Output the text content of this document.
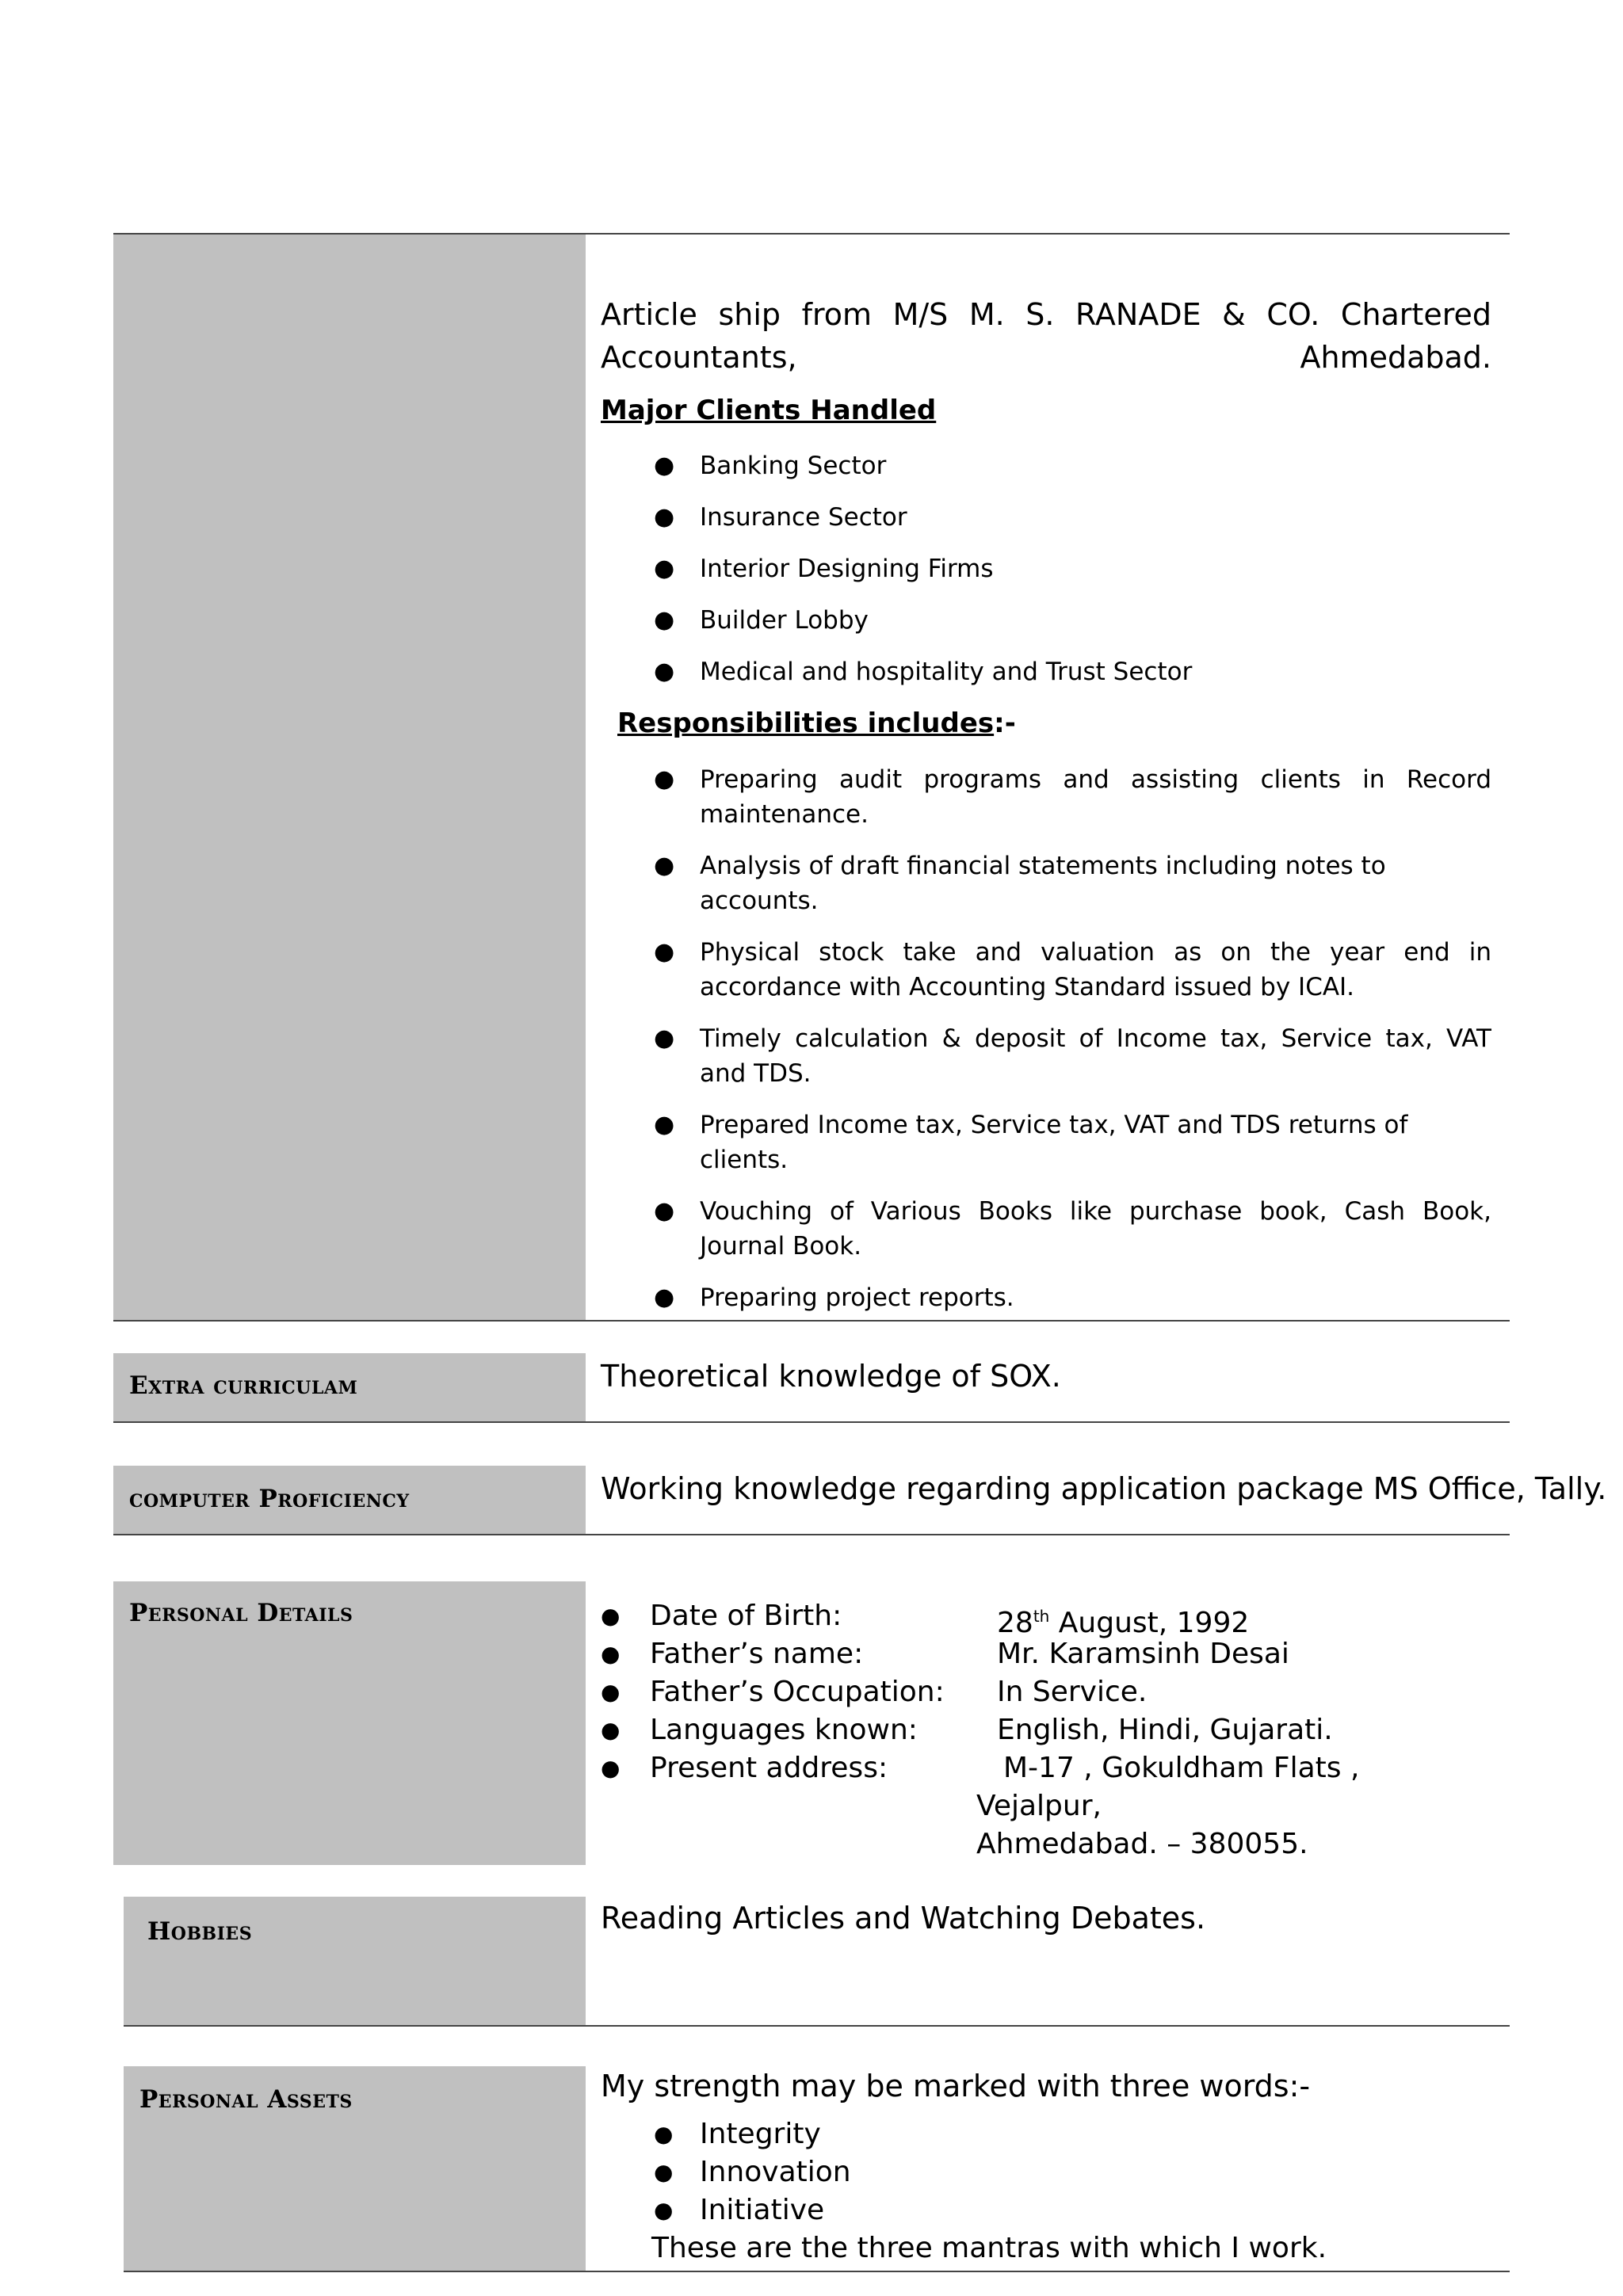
Article ship from M/S M. S. RANADE & CO. Chartered Accountants, Ahmedabad.
Major Clients Handled
● Banking Sector
● Insurance Sector
● Interior Designing Firms
● Builder Lobby
● Medical and hospitality and Trust Sector
Responsibilities includes:-
● Preparing audit programs and assisting clients in Record maintenance.
● Analysis of draft financial statements including notes to accounts.
● Physical stock take and valuation as on the year end in accordance with Accounting Standard issued by ICAI.
● Timely calculation & deposit of Income tax, Service tax, VAT and TDS.
● Prepared Income tax, Service tax, VAT and TDS returns of clients.
● Vouching of Various Books like purchase book, Cash Book, Journal Book.
● Preparing project reports.
Extra curriculam	Theoretical knowledge of SOX.
computer Proficiency	Working knowledge regarding application package MS Office, Tally.
Personal Details	● Date of Birth:	28th August, 1992
● Father’s name:	Mr. Karamsinh Desai
● Father’s Occupation: In Service.
● Languages known:	English, Hindi, Gujarati.
● Present address:	M-17 , Gokuldham Flats ,
Vejalpur,
Ahmedabad. – 380055.
Hobbies	Reading Articles and Watching Debates.
Personal Assets	My strength may be marked with three words:-
● Integrity
● Innovation
● Initiative
These are the three mantras with which I work.
